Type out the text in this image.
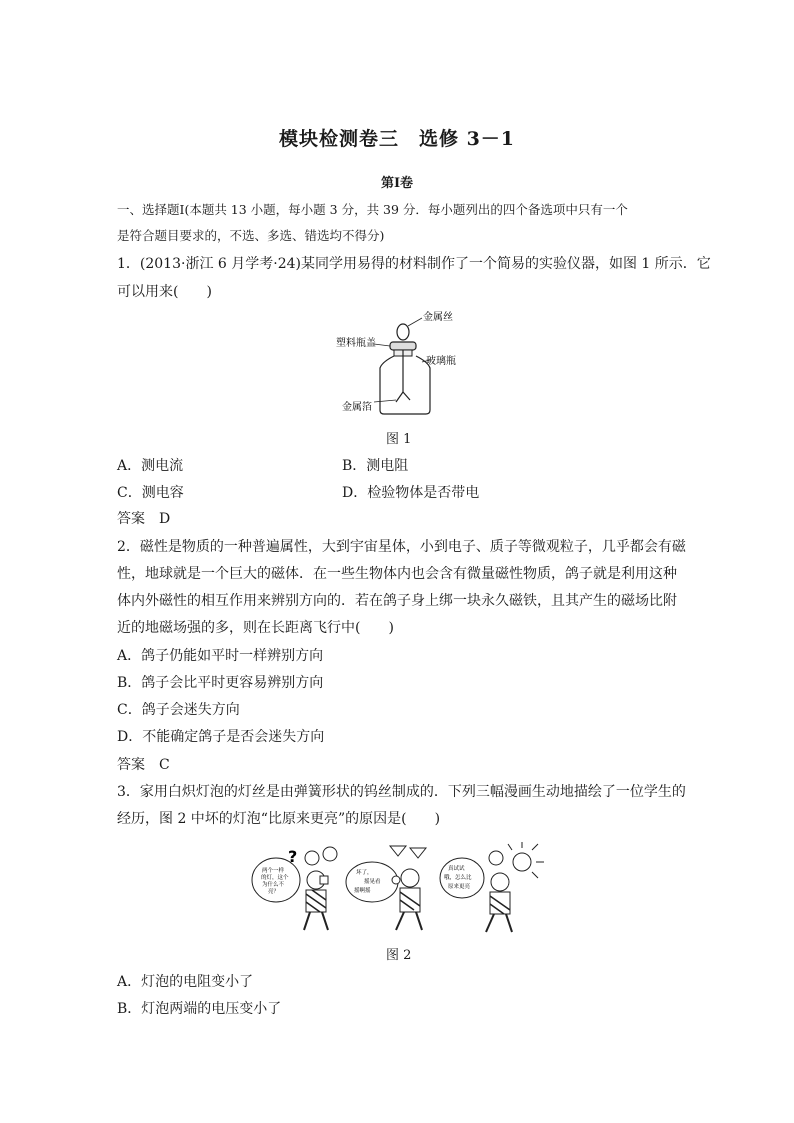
模块检测卷三　选修 3－1
第Ⅰ卷
一、选择题Ⅰ(本题共 13 小题，每小题 3 分，共 39 分．每小题列出的四个备选项中只有一个
是符合题目要求的，不选、多选、错选均不得分)
1．(2013·浙江 6 月学考·24)某同学用易得的材料制作了一个简易的实验仪器，如图 1 所示．它
可以用来(　　)
金属丝
塑料瓶盖
玻璃瓶
金属箔
图 1
A．测电流	B．测电阻
C．测电容	D．检验物体是否带电
答案　D
2．磁性是物质的一种普遍属性，大到宇宙星体，小到电子、质子等微观粒子，几乎都会有磁
性，地球就是一个巨大的磁体．在一些生物体内也会含有微量磁性物质，鸽子就是利用这种
体内外磁性的相互作用来辨别方向的．若在鸽子身上绑一块永久磁铁，且其产生的磁场比附
近的地磁场强的多，则在长距离飞行中(　　)
A．鸽子仍能如平时一样辨别方向
B．鸽子会比平时更容易辨别方向
C．鸽子会迷失方向
D．不能确定鸽子是否会迷失方向
答案　C
3．家用白炽灯泡的灯丝是由弹簧形状的钨丝制成的．下列三幅漫画生动地描绘了一位学生的
经历，图 2 中坏的灯泡“比原来更亮”的原因是(　　)
两个一样
的灯，这个
为什么不
亮？
?
坏了，
摇晃看
摇啊摇
真试试
哦，怎么比
原来更亮
图 2
A．灯泡的电阻变小了
B．灯泡两端的电压变小了
